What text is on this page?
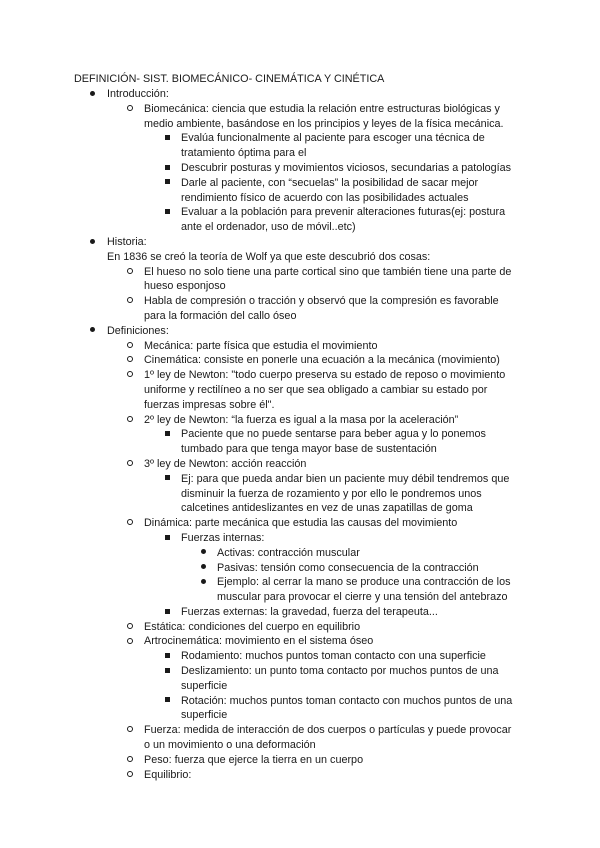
DEFINICIÓN- SIST. BIOMECÁNICO- CINEMÁTICA Y CINÉTICA
Introducción:
Biomecánica: ciencia que estudia la relación entre estructuras biológicas y medio ambiente, basándose en los principios y leyes de la física mecánica.
Evalúa funcionalmente al paciente para escoger una técnica de tratamiento óptima para el
Descubrir posturas y movimientos viciosos, secundarias a patologías
Darle al paciente, con “secuelas” la posibilidad de sacar mejor rendimiento físico de acuerdo con las posibilidades actuales
Evaluar a la población para prevenir alteraciones futuras(ej: postura ante el ordenador, uso de móvil..etc)
Historia:
En 1836 se creó la teoría de Wolf ya que este descubrió dos cosas:
El hueso no solo tiene una parte cortical sino que también tiene una parte de hueso esponjoso
Habla de compresión o tracción y observó que la compresión es favorable para la formación del callo óseo
Definiciones:
Mecánica: parte física que estudia el movimiento
Cinemática: consiste en ponerle una ecuación a la mecánica (movimiento)
1º ley de Newton: "todo cuerpo preserva su estado de reposo o movimiento uniforme y rectilíneo a no ser que sea obligado a cambiar su estado por fuerzas impresas sobre él".
2º ley de Newton: “la fuerza es igual a la masa por la aceleración”
Paciente que no puede sentarse para beber agua y lo ponemos tumbado para que tenga mayor base de sustentación
3º ley de Newton: acción reacción
Ej: para que pueda andar bien un paciente muy débil tendremos que disminuir la fuerza de rozamiento y por ello le pondremos unos calcetines antideslizantes en vez de unas zapatillas de goma
Dinámica: parte mecánica que estudia las causas del movimiento
Fuerzas internas:
Activas: contracción muscular
Pasivas: tensión como consecuencia de la contracción
Ejemplo: al cerrar la mano se produce una contracción de los muscular para provocar el cierre y una tensión del antebrazo
Fuerzas externas: la gravedad, fuerza del terapeuta...
Estática: condiciones del cuerpo en equilibrio
Artrocinemática: movimiento en el sistema óseo
Rodamiento: muchos puntos toman contacto con una superficie
Deslizamiento: un punto toma contacto por muchos puntos de una superficie
Rotación: muchos puntos toman contacto con muchos puntos de una superficie
Fuerza: medida de interacción de dos cuerpos o partículas y puede provocar o un movimiento o una deformación
Peso: fuerza que ejerce la tierra en un cuerpo
Equilibrio:
